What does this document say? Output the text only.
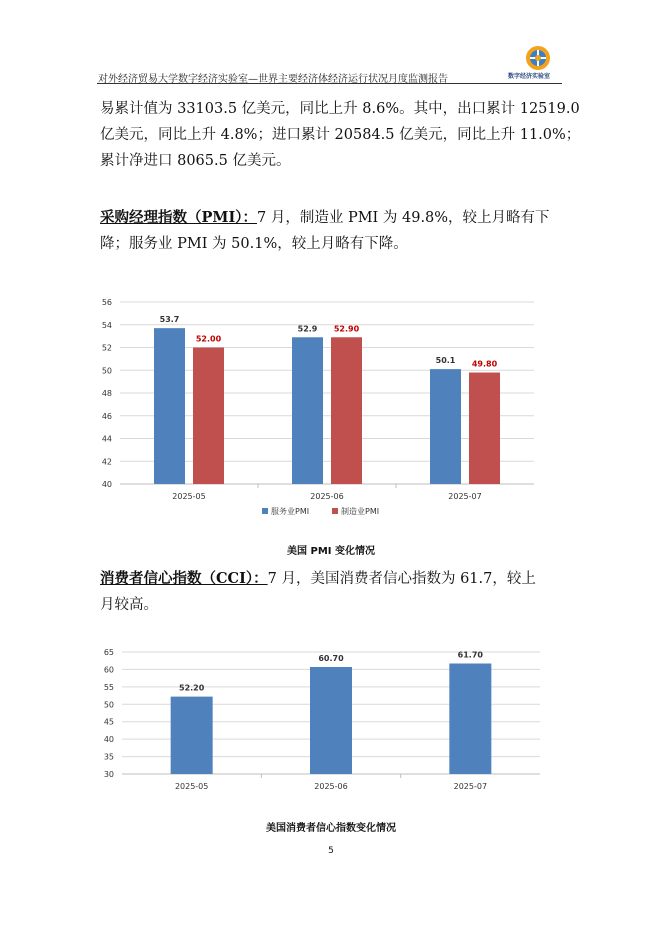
对外经济贸易大学数字经济实验室—世界主要经济体经济运行状况月度监测报告	数字经济实验室

易累计值为 33103.5 亿美元，同比上升 8.6%。其中，出口累计 12519.0

亿美元，同比上升 4.8%；进口累计 20584.5 亿美元，同比上升 11.0%；

累计净进口 8065.5 亿美元。

采购经理指数（PMI）：7 月，制造业 PMI 为 49.8%，较上月略有下

降；服务业 PMI 为 50.1%，较上月略有下降。

40
42
44
46
48
50
52
54
56
2025-05
53.7
52.00
2025-06
52.9 52.90
2025-07
50.1 49.80
服务业PMI	制造业PMI
美国 PMI 变化情况

消费者信心指数（CCI）：7 月，美国消费者信心指数为 61.7，较上

月较高。

30
35
40
45
50
55
60
65
2025-05
52.20
2025-06
60.70
2025-07
61.70
美国消费者信心指数变化情况
5
